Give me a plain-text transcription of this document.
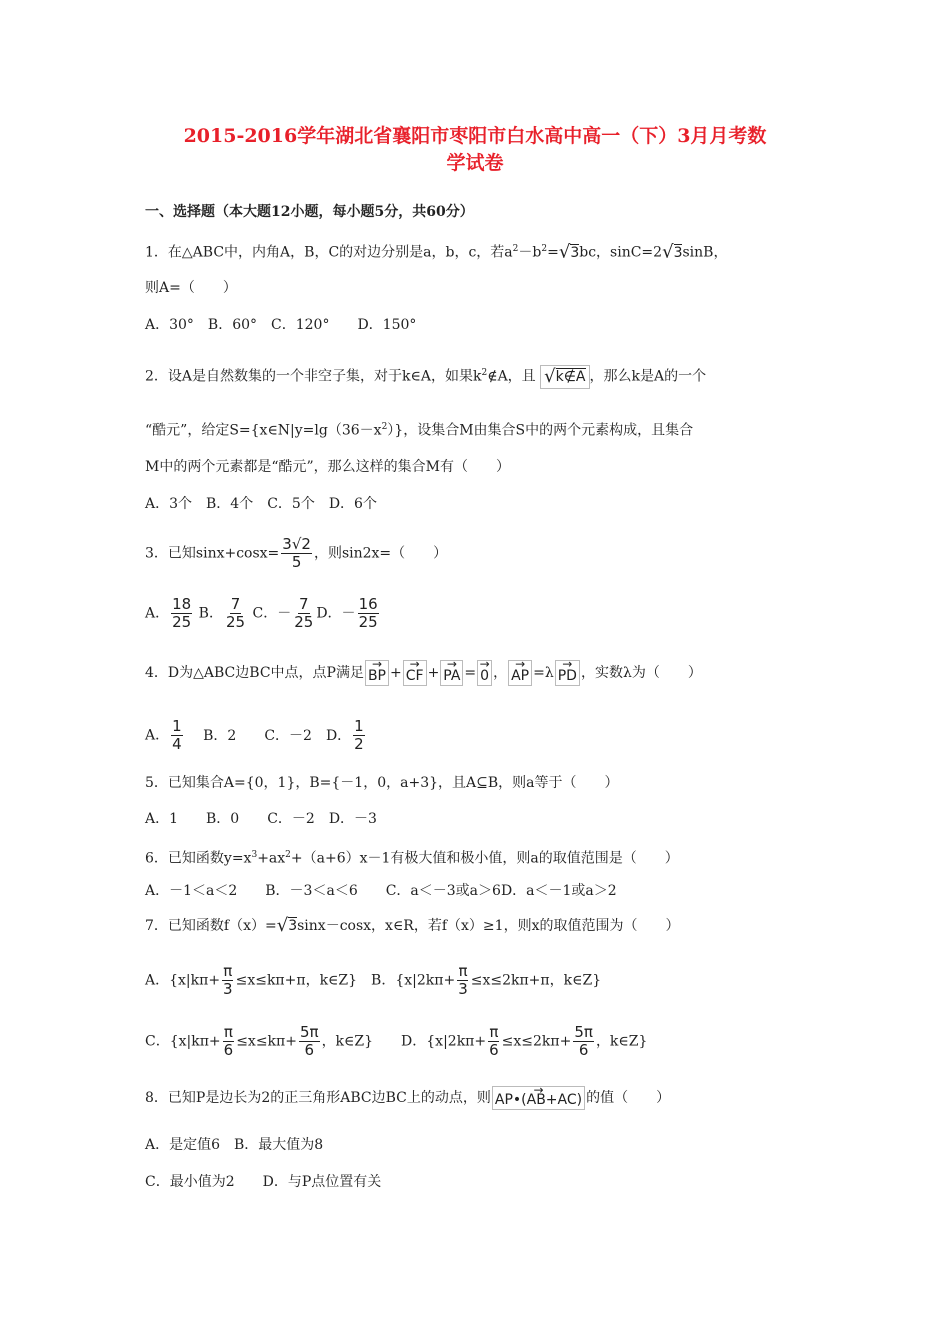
2015-2016学年湖北省襄阳市枣阳市白水高中高一（下）3月月考数
学试卷
一、选择题（本大题12小题，每小题5分，共60分）
1．在△ABC中，内角A，B，C的对边分别是a，b，c，若$a^2-b^2=√3bc$，sinC=2√3sinB，
则A=（　　）
A．30°　B．60°　C．120°　　D．150°
2．设A是自然数集的一个非空子集，对于k∈A，如果$k^2\notin A$，且 √k∉A ，那么k是A的一个
“酷元”，给定$S=\{x\in N|y=\lg(36-x^2)\}$，设集合M由集合S中的两个元素构成，且集合
M中的两个元素都是“酷元”，那么这样的集合M有（　　）
A．3个　B．4个　C．5个　D．6个
3．已知$\sin x+\cos x= \frac{3√2}{5}$ ，则sin2x=（　　）
A． $\frac{18}{25}$ B． $\frac{7}{25}$ C．－ $\frac{7}{25}$ D．－ $\frac{16}{25}$
4．D为△ABC边BC中点，点P满足 → BP + → CF + → PA = → 0 ， → AP =λ → PD ，实数λ为（　　）
A． $\frac{1}{4}$ B．2　　C．－2　D． $\frac{1}{2}$
5．已知集合A={0，1}，B={－1，0，a+3}，且A⊆B，则a等于（　　）
A．1　　B．0　　C．－2　D．－3
6．已知函数$y=x^3+ax^2+(a+6)x-1$有极大值和极小值，则a的取值范围是（　　）
A．－1＜a＜2　　B．－3＜a＜6　　C．a＜－3或a＞6D．a＜－1或a＞2
7．已知函数f（x）=√3sinx－cosx，x∈R，若f（x）≥1，则x的取值范围为（　　）
A．{$x|k\pi+ \frac{\pi}{3} \le x\le k\pi+\pi$，k∈Z}　B．{$x|2k\pi+ \frac{\pi}{3} \le x\le 2k\pi+\pi$，k∈Z}
C．{$x|k\pi+ \frac{\pi}{6} \le x\le k\pi+ \frac{5\pi}{6}$ ，k∈Z}　　D．{$x|2k\pi+ \frac{\pi}{6} \le x\le 2k\pi+ \frac{5\pi}{6}$ ，k∈Z}
8．已知P是边长为2的正三角形ABC边BC上的动点，则 → AP•(AB+AC) 的值（　　）
A．是定值6　B．最大值为8
C．最小值为2　　D．与P点位置有关
